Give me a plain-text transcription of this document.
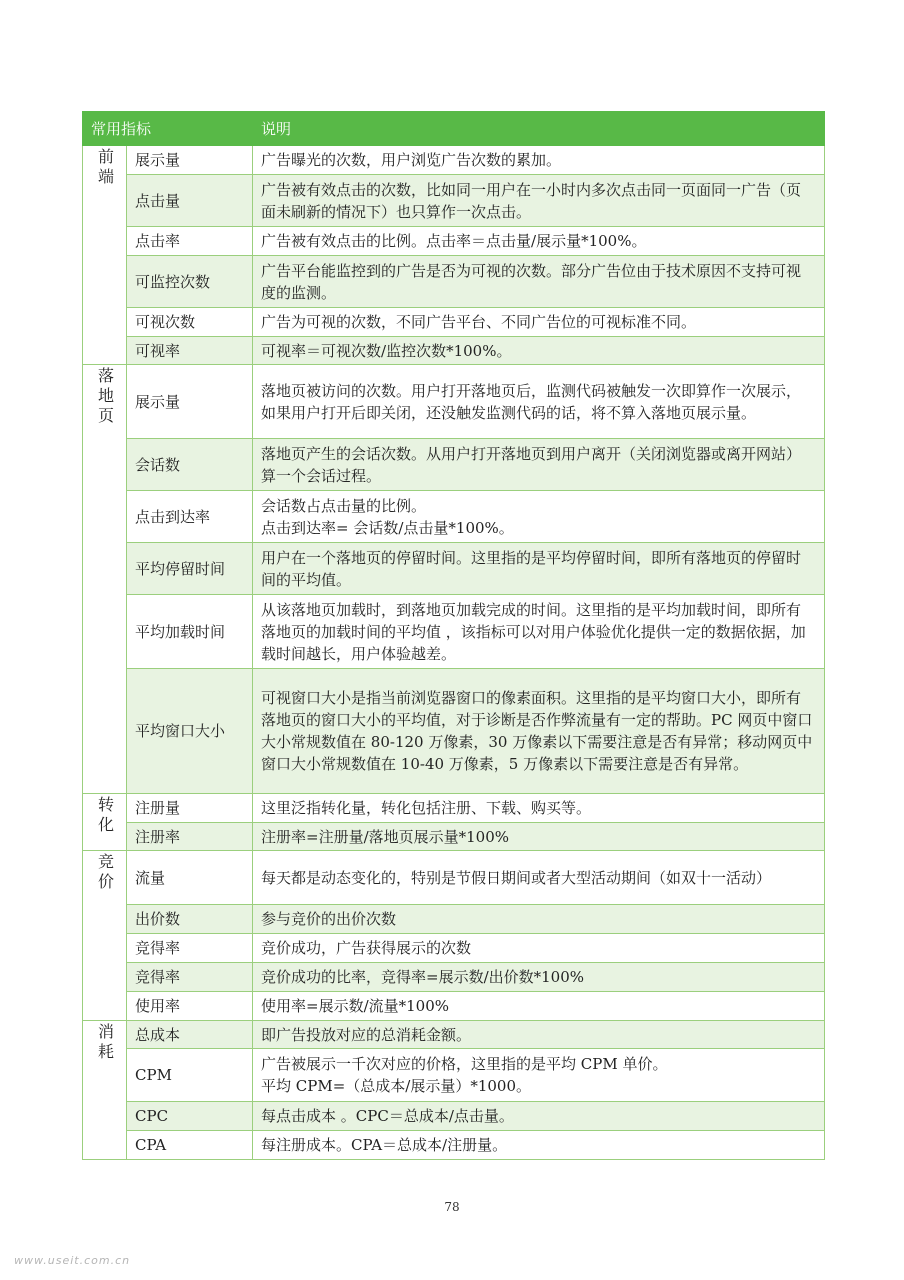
常用指标		说明
前端	展示量	广告曝光的次数，用户浏览广告次数的累加。
	点击量	广告被有效点击的次数，比如同一用户在一小时内多次点击同一页面同一广告（页面未刷新的情况下）也只算作一次点击。
	点击率	广告被有效点击的比例。点击率＝点击量/展示量*100%。
	可监控次数	广告平台能监控到的广告是否为可视的次数。部分广告位由于技术原因不支持可视度的监测。
	可视次数	广告为可视的次数，不同广告平台、不同广告位的可视标准不同。
	可视率	可视率＝可视次数/监控次数*100%。
落地页	展示量	落地页被访问的次数。用户打开落地页后，监测代码被触发一次即算作一次展示，如果用户打开后即关闭，还没触发监测代码的话，将不算入落地页展示量。
	会话数	落地页产生的会话次数。从用户打开落地页到用户离开（关闭浏览器或离开网站）算一个会话过程。
	点击到达率	会话数占点击量的比例。
点击到达率= 会话数/点击量*100%。

	平均停留时间	用户在一个落地页的停留时间。这里指的是平均停留时间，即所有落地页的停留时间的平均值。
	平均加载时间	从该落地页加载时，到落地页加载完成的时间。这里指的是平均加载时间，即所有落地页的加载时间的平均值 ，该指标可以对用户体验优化提供一定的数据依据，加载时间越长，用户体验越差。
	平均窗口大小	可视窗口大小是指当前浏览器窗口的像素面积。这里指的是平均窗口大小，即所有落地页的窗口大小的平均值，对于诊断是否作弊流量有一定的帮助。PC 网页中窗口大小常规数值在 80-120 万像素，30 万像素以下需要注意是否有异常；移动网页中窗口大小常规数值在 10-40 万像素，5 万像素以下需要注意是否有异常。
转化	注册量	这里泛指转化量，转化包括注册、下载、购买等。
	注册率	注册率=注册量/落地页展示量*100%
竞价	流量	每天都是动态变化的，特别是节假日期间或者大型活动期间（如双十一活动）
	出价数	参与竞价的出价次数
	竞得率	竞价成功，广告获得展示的次数
	竞得率	竞价成功的比率，竞得率=展示数/出价数*100%
	使用率	使用率=展示数/流量*100%
消耗	总成本	即广告投放对应的总消耗金额。
	CPM	广告被展示一千次对应的价格，这里指的是平均 CPM 单价。
平均 CPM=（总成本/展示量）*1000。

	CPC	每点击成本 。CPC＝总成本/点击量。
	CPA	每注册成本。CPA＝总成本/注册量。
78
www.useit.com.cn
